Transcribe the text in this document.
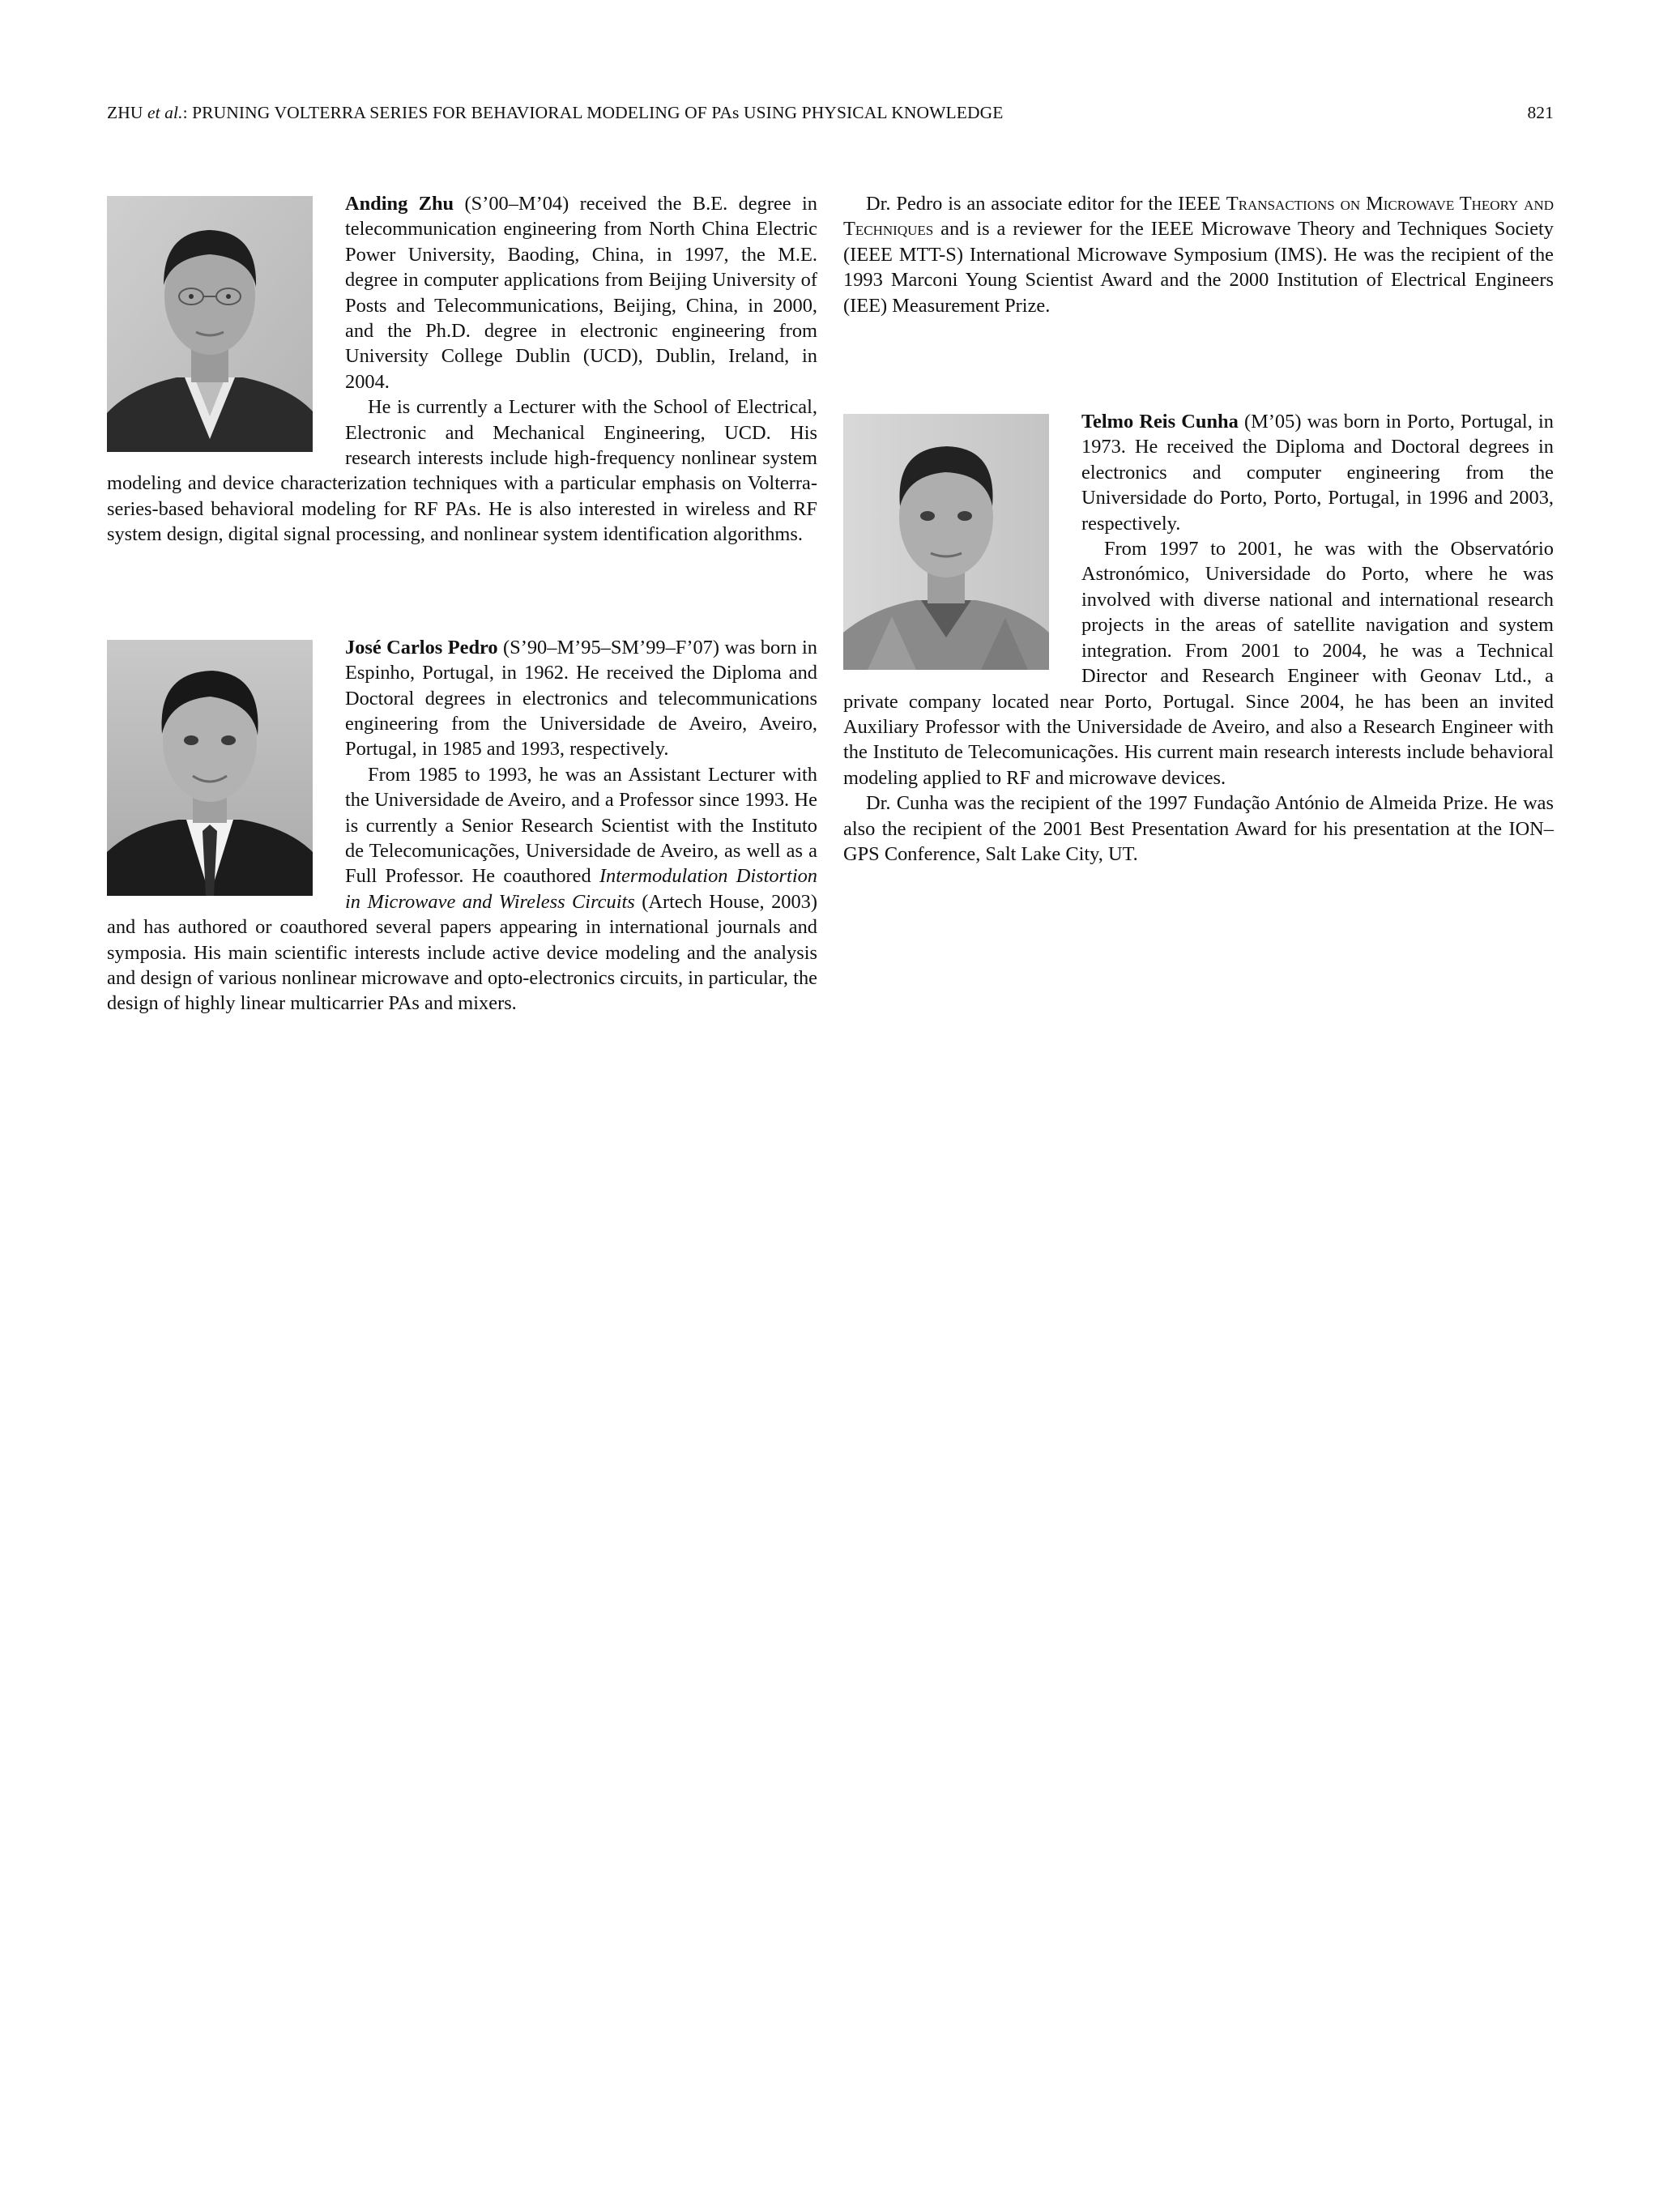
ZHU et al.: PRUNING VOLTERRA SERIES FOR BEHAVIORAL MODELING OF PAs USING PHYSICAL KNOWLEDGE	821

Anding Zhu (S’00–M’04) received the B.E. degree in telecommunication engineering from North China Electric Power University, Baoding, China, in 1997, the M.E. degree in computer applications from Beijing University of Posts and Telecommunications, Beijing, China, in 2000, and the Ph.D. degree in electronic engineering from University College Dublin (UCD), Dublin, Ireland, in 2004.

He is currently a Lecturer with the School of Electrical, Electronic and Mechanical Engineering, UCD. His research interests include high-frequency nonlinear system modeling and device characterization techniques with a particular emphasis on Volterra-series-based behavioral modeling for RF PAs. He is also interested in wireless and RF system design, digital signal processing, and nonlinear system identification algorithms.

José Carlos Pedro (S’90–M’95–SM’99–F’07) was born in Espinho, Portugal, in 1962. He received the Diploma and Doctoral degrees in electronics and telecommunications engineering from the Universidade de Aveiro, Aveiro, Portugal, in 1985 and 1993, respectively.

From 1985 to 1993, he was an Assistant Lecturer with the Universidade de Aveiro, and a Professor since 1993. He is currently a Senior Research Scientist with the Instituto de Telecomunicações, Universidade de Aveiro, as well as a Full Professor. He coauthored Intermodulation Distortion in Microwave and Wireless Circuits (Artech House, 2003) and has authored or coauthored several papers appearing in international journals and symposia. His main scientific interests include active device modeling and the analysis and design of various nonlinear microwave and opto-electronics circuits, in particular, the design of highly linear multicarrier PAs and mixers.

Dr. Pedro is an associate editor for the IEEE Transactions on Microwave Theory and Techniques and is a reviewer for the IEEE Microwave Theory and Techniques Society (IEEE MTT-S) International Microwave Symposium (IMS). He was the recipient of the 1993 Marconi Young Scientist Award and the 2000 Institution of Electrical Engineers (IEE) Measurement Prize.

Telmo Reis Cunha (M’05) was born in Porto, Portugal, in 1973. He received the Diploma and Doctoral degrees in electronics and computer engineering from the Universidade do Porto, Porto, Portugal, in 1996 and 2003, respectively.

From 1997 to 2001, he was with the Observatório Astronómico, Universidade do Porto, where he was involved with diverse national and international research projects in the areas of satellite navigation and system integration. From 2001 to 2004, he was a Technical Director and Research Engineer with Geonav Ltd., a private company located near Porto, Portugal. Since 2004, he has been an invited Auxiliary Professor with the Universidade de Aveiro, and also a Research Engineer with the Instituto de Telecomunicações. His current main research interests include behavioral modeling applied to RF and microwave devices.

Dr. Cunha was the recipient of the 1997 Fundação António de Almeida Prize. He was also the recipient of the 2001 Best Presentation Award for his presentation at the ION–GPS Conference, Salt Lake City, UT.
